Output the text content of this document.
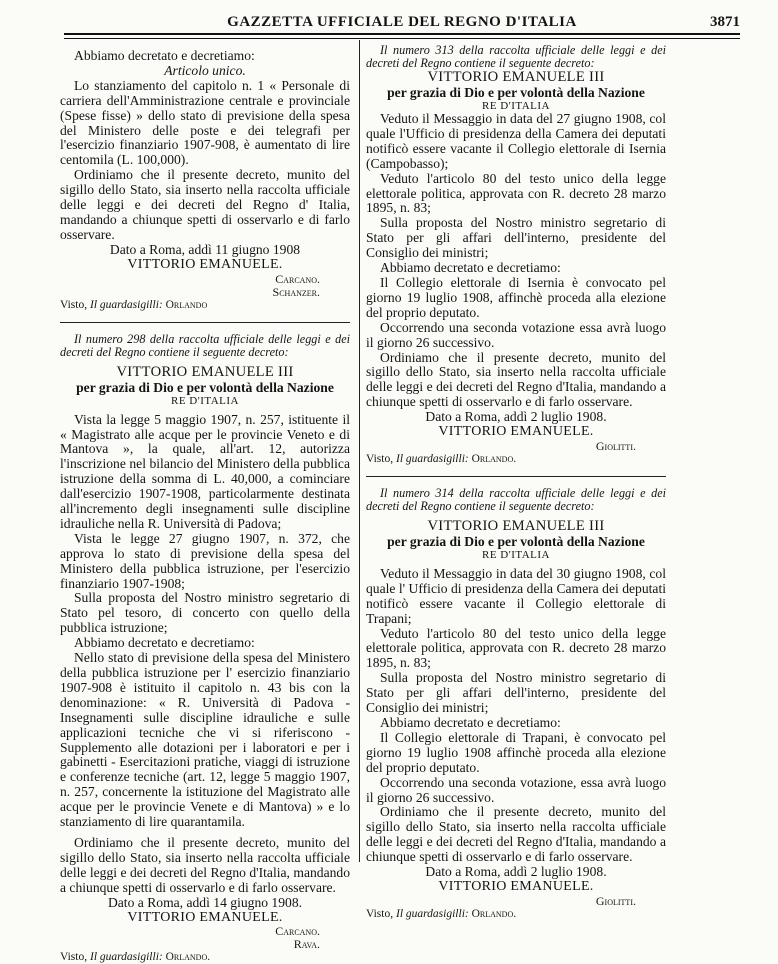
GAZZETTA UFFICIALE DEL REGNO D'ITALIA	3871

Abbiamo decretato e decretiamo:

Articolo unico.

Lo stanziamento del capitolo n. 1 « Personale di carriera dell'Amministrazione centrale e provinciale (Spese fisse) » dello stato di previsione della spesa del Ministero delle poste e dei telegrafi per l'esercizio finanziario 1907-908, è aumentato di lire centomila (L. 100,000).

Ordiniamo che il presente decreto, munito del sigillo dello Stato, sia inserto nella raccolta ufficiale delle leggi e dei decreti del Regno d' Italia, mandando a chiunque spetti di osservarlo e di farlo osservare.

Dato a Roma, addì 11 giugno 1908

VITTORIO EMANUELE.

Carcano.

Schanzer.

Visto, Il guardasigilli: Orlando

Il numero 298 della raccolta ufficiale delle leggi e dei decreti del Regno contiene il seguente decreto:

VITTORIO EMANUELE III

per grazia di Dio e per volontà della Nazione

RE D'ITALIA

Vista la legge 5 maggio 1907, n. 257, istituente il « Magistrato alle acque per le provincie Veneto e di Mantova », la quale, all'art. 12, autorizza l'inscrizione nel bilancio del Ministero della pubblica istruzione della somma di L. 40,000, a cominciare dall'esercizio 1907-1908, particolarmente destinata all'incremento degli insegnamenti sulle discipline idrauliche nella R. Università di Padova;

Vista le legge 27 giugno 1907, n. 372, che approva lo stato di previsione della spesa del Ministero della pubblica istruzione, per l'esercizio finanziario 1907-1908;

Sulla proposta del Nostro ministro segretario di Stato pel tesoro, di concerto con quello della pubblica istruzione;

Abbiamo decretato e decretiamo:

Nello stato di previsione della spesa del Ministero della pubblica istruzione per l' esercizio finanziario 1907-908 è istituito il capitolo n. 43 bis con la denominazione: « R. Università di Padova - Insegnamenti sulle discipline idrauliche e sulle applicazioni tecniche che vi si riferiscono - Supplemento alle dotazioni per i laboratori e per i gabinetti - Esercitazioni pratiche, viaggi di istruzione e conferenze tecniche (art. 12, legge 5 maggio 1907, n. 257, concernente la istituzione del Magistrato alle acque per le provincie Venete e di Mantova) » e lo stanziamento di lire quarantamila.

Ordiniamo che il presente decreto, munito del sigillo dello Stato, sia inserto nella raccolta ufficiale delle leggi e dei decreti del Regno d'Italia, mandando a chiunque spetti di osservarlo e di farlo osservare.

Dato a Roma, addì 14 giugno 1908.

VITTORIO EMANUELE.

Carcano.

Rava.

Visto, Il guardasigilli: Orlando.

Il numero 313 della raccolta ufficiale delle leggi e dei decreti del Regno contiene il seguente decreto:

VITTORIO EMANUELE III

per grazia di Dio e per volontà della Nazione

RE D'ITALIA

Veduto il Messaggio in data del 27 giugno 1908, col quale l'Ufficio di presidenza della Camera dei deputati notificò essere vacante il Collegio elettorale di Isernia (Campobasso);

Veduto l'articolo 80 del testo unico della legge elettorale politica, approvata con R. decreto 28 marzo 1895, n. 83;

Sulla proposta del Nostro ministro segretario di Stato per gli affari dell'interno, presidente del Consiglio dei ministri;

Abbiamo decretato e decretiamo:

Il Collegio elettorale di Isernia è convocato pel giorno 19 luglio 1908, affinchè proceda alla elezione del proprio deputato.

Occorrendo una seconda votazione essa avrà luogo il giorno 26 successivo.

Ordiniamo che il presente decreto, munito del sigillo dello Stato, sia inserto nella raccolta ufficiale delle leggi e dei decreti del Regno d'Italia, mandando a chiunque spetti di osservarlo e di farlo osservare.

Dato a Roma, addì 2 luglio 1908.

VITTORIO EMANUELE.

Giolitti.

Visto, Il guardasigilli: Orlando.

Il numero 314 della raccolta ufficiale delle leggi e dei decreti del Regno contiene il seguente decreto:

VITTORIO EMANUELE III

per grazia di Dio e per volontà della Nazione

RE D'ITALIA

Veduto il Messaggio in data del 30 giugno 1908, col quale l' Ufficio di presidenza della Camera dei deputati notificò essere vacante il Collegio elettorale di Trapani;

Veduto l'articolo 80 del testo unico della legge elettorale politica, approvata con R. decreto 28 marzo 1895, n. 83;

Sulla proposta del Nostro ministro segretario di Stato per gli affari dell'interno, presidente del Consiglio dei ministri;

Abbiamo decretato e decretiamo:

Il Collegio elettorale di Trapani, è convocato pel giorno 19 luglio 1908 affinchè proceda alla elezione del proprio deputato.

Occorrendo una seconda votazione, essa avrà luogo il giorno 26 successivo.

Ordiniamo che il presente decreto, munito del sigillo dello Stato, sia inserto nella raccolta ufficiale delle leggi e dei decreti del Regno d'Italia, mandando a chiunque spetti di osservarlo e di farlo osservare.

Dato a Roma, addì 2 luglio 1908.

VITTORIO EMANUELE.

Giolitti.

Visto, Il guardasigilli: Orlando.
